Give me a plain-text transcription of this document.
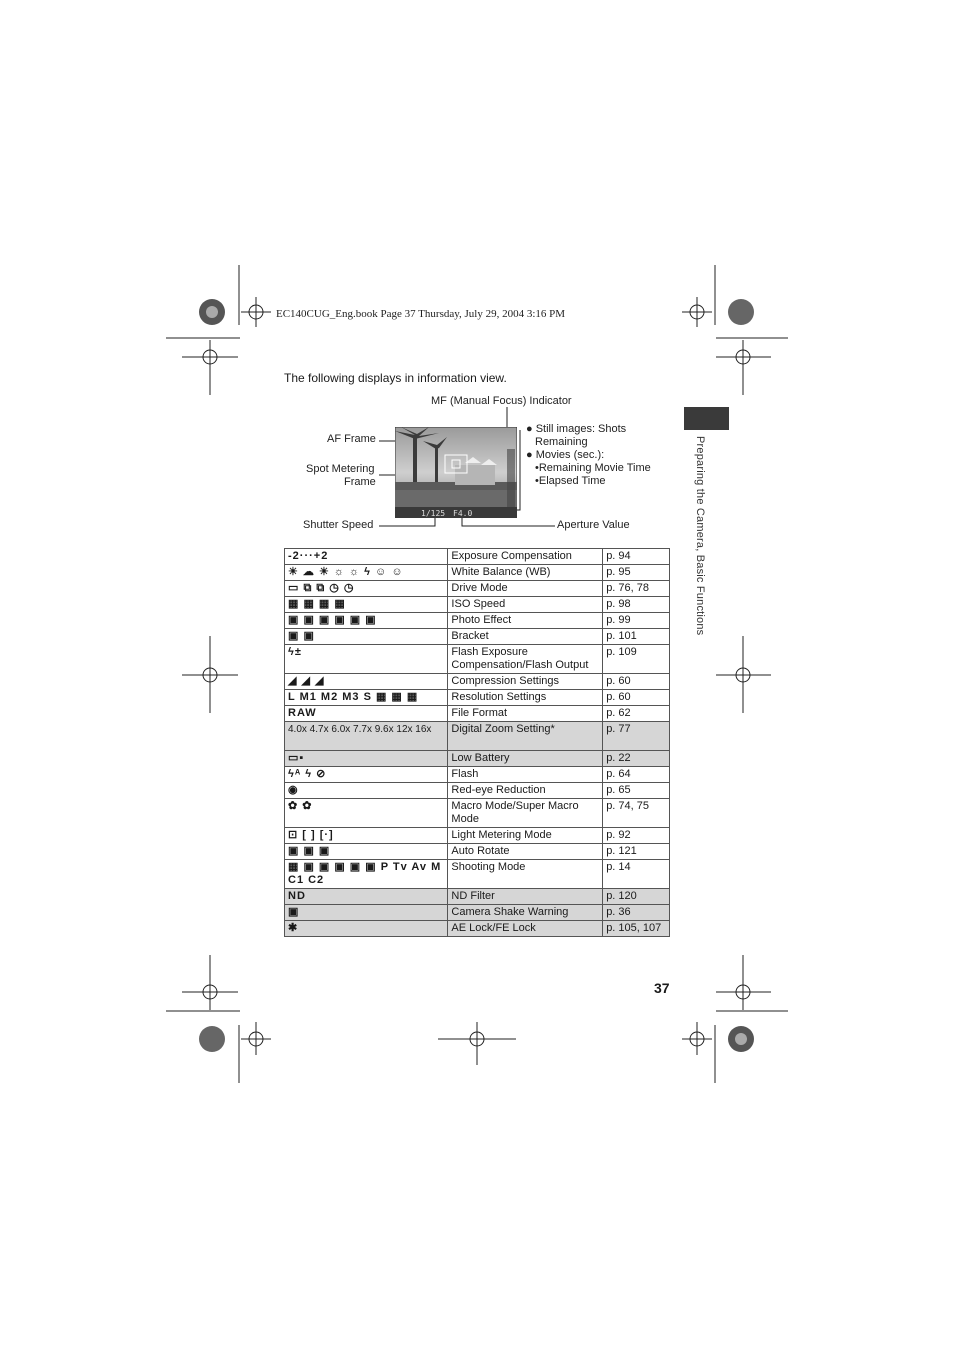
EC140CUG_Eng.book Page 37 Thursday, July 29, 2004 3:16 PM
The following displays in information view.
Preparing the Camera, Basic Functions
MF (Manual Focus) Indicator
AF Frame
Spot Metering
Frame
Shutter Speed	Aperture Value
● Still images: Shots
Remaining
● Movies (sec.):
•Remaining Movie Time
•Elapsed Time
1/125 F4.0
-2···+2	Exposure Compensation	p. 94
☀ ☁ ☀ ☼ ☼ ϟ ☺ ☺	White Balance (WB)	p. 95
▭ ⧉ ⧉ ◷ ◷	Drive Mode	p. 76, 78
▦ ▦ ▦ ▦	ISO Speed	p. 98
▣ ▣ ▣ ▣ ▣ ▣	Photo Effect	p. 99
▣ ▣	Bracket	p. 101
ϟ±	Flash Exposure Compensation/Flash Output	p. 109
◢ ◢ ◢	Compression Settings	p. 60
L M1 M2 M3 S ▦ ▦ ▦	Resolution Settings	p. 60
RAW	File Format	p. 62
4.0x 4.7x 6.0x 7.7x 9.6x 12x 16x	Digital Zoom Setting*	p. 77
▭▪	Low Battery	p. 22
ϟᴬ ϟ ⊘	Flash	p. 64
◉	Red-eye Reduction	p. 65
✿ ✿	Macro Mode/Super Macro Mode	p. 74, 75
⊡ [ ] [·]	Light Metering Mode	p. 92
▣ ▣ ▣	Auto Rotate	p. 121
▦ ▣ ▣ ▣ ▣ ▣ P Tv Av M C1 C2	Shooting Mode	p. 14
ND	ND Filter	p. 120
▣	Camera Shake Warning	p. 36
✱	AE Lock/FE Lock	p. 105, 107
37
